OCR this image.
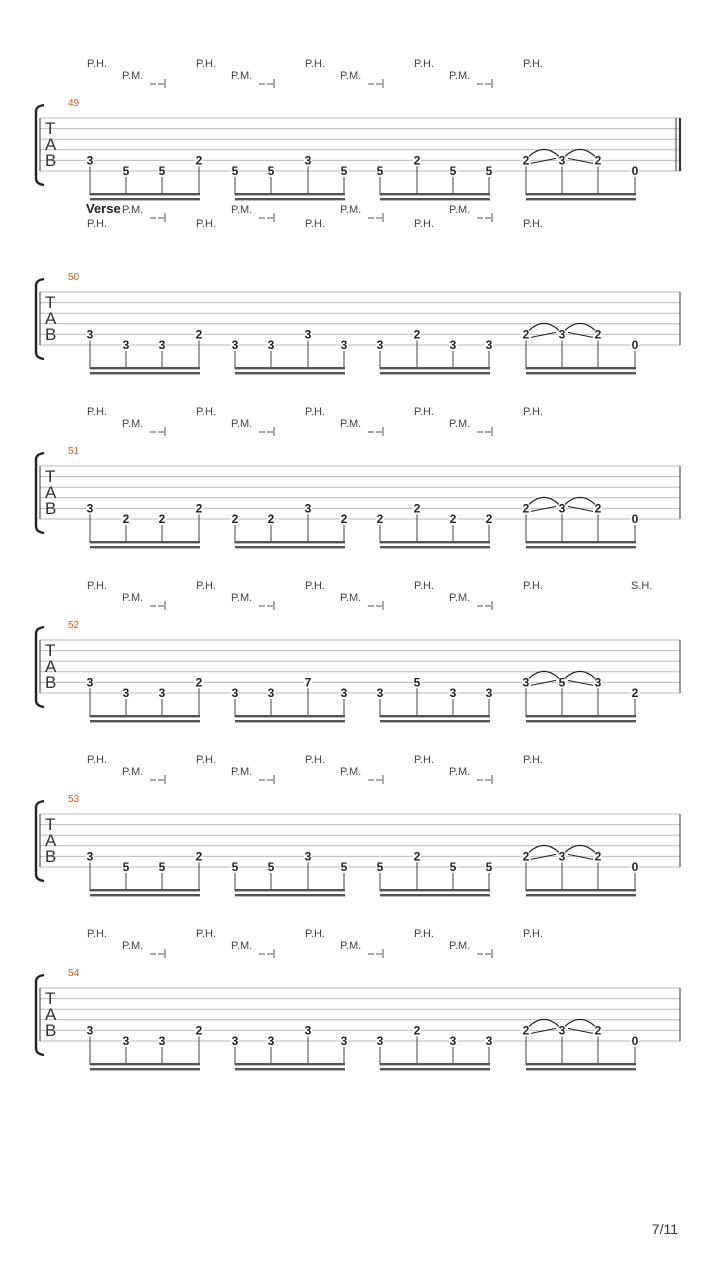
P.H.	P.H.	P.H.	P.H.	P.H.
P.M.	P.M.	P.M.	P.M.
49
T
A
B	3
5 5
2
5 5
3
5 5
2
5 5
2 3 2
0
Verse
P.H.	P.H.	P.H.	P.H.	P.H.
P.M.	P.M.	P.M.	P.M.
50
T
A
B	3
3 3
2
3 3
3
3 3
2
3 3
2 3 2
0
P.H.	P.H.	P.H.	P.H.	P.H.
P.M.	P.M.	P.M.	P.M.
51
T
A
B	3
2 2
2
2 2
3
2 2
2
2 2
2 3 2
0
P.H.	P.H.	P.H.	P.H.	P.H.
P.M.	P.M.	P.M.	P.M.
S.H.
52
T
A
B	3
3 3
2
3 3
7
3 3
5
3 3
3 5 3
2
P.H.	P.H.	P.H.	P.H.	P.H.
P.M.	P.M.	P.M.	P.M.
53
T
A
B	3
5 5
2
5 5
3
5 5
2
5 5
2 3 2
0
P.H.	P.H.	P.H.	P.H.	P.H.
P.M.	P.M.	P.M.	P.M.
54
T
A
B	3
3 3
2
3 3
3
3 3
2
3 3
2 3 2
0
7/11
